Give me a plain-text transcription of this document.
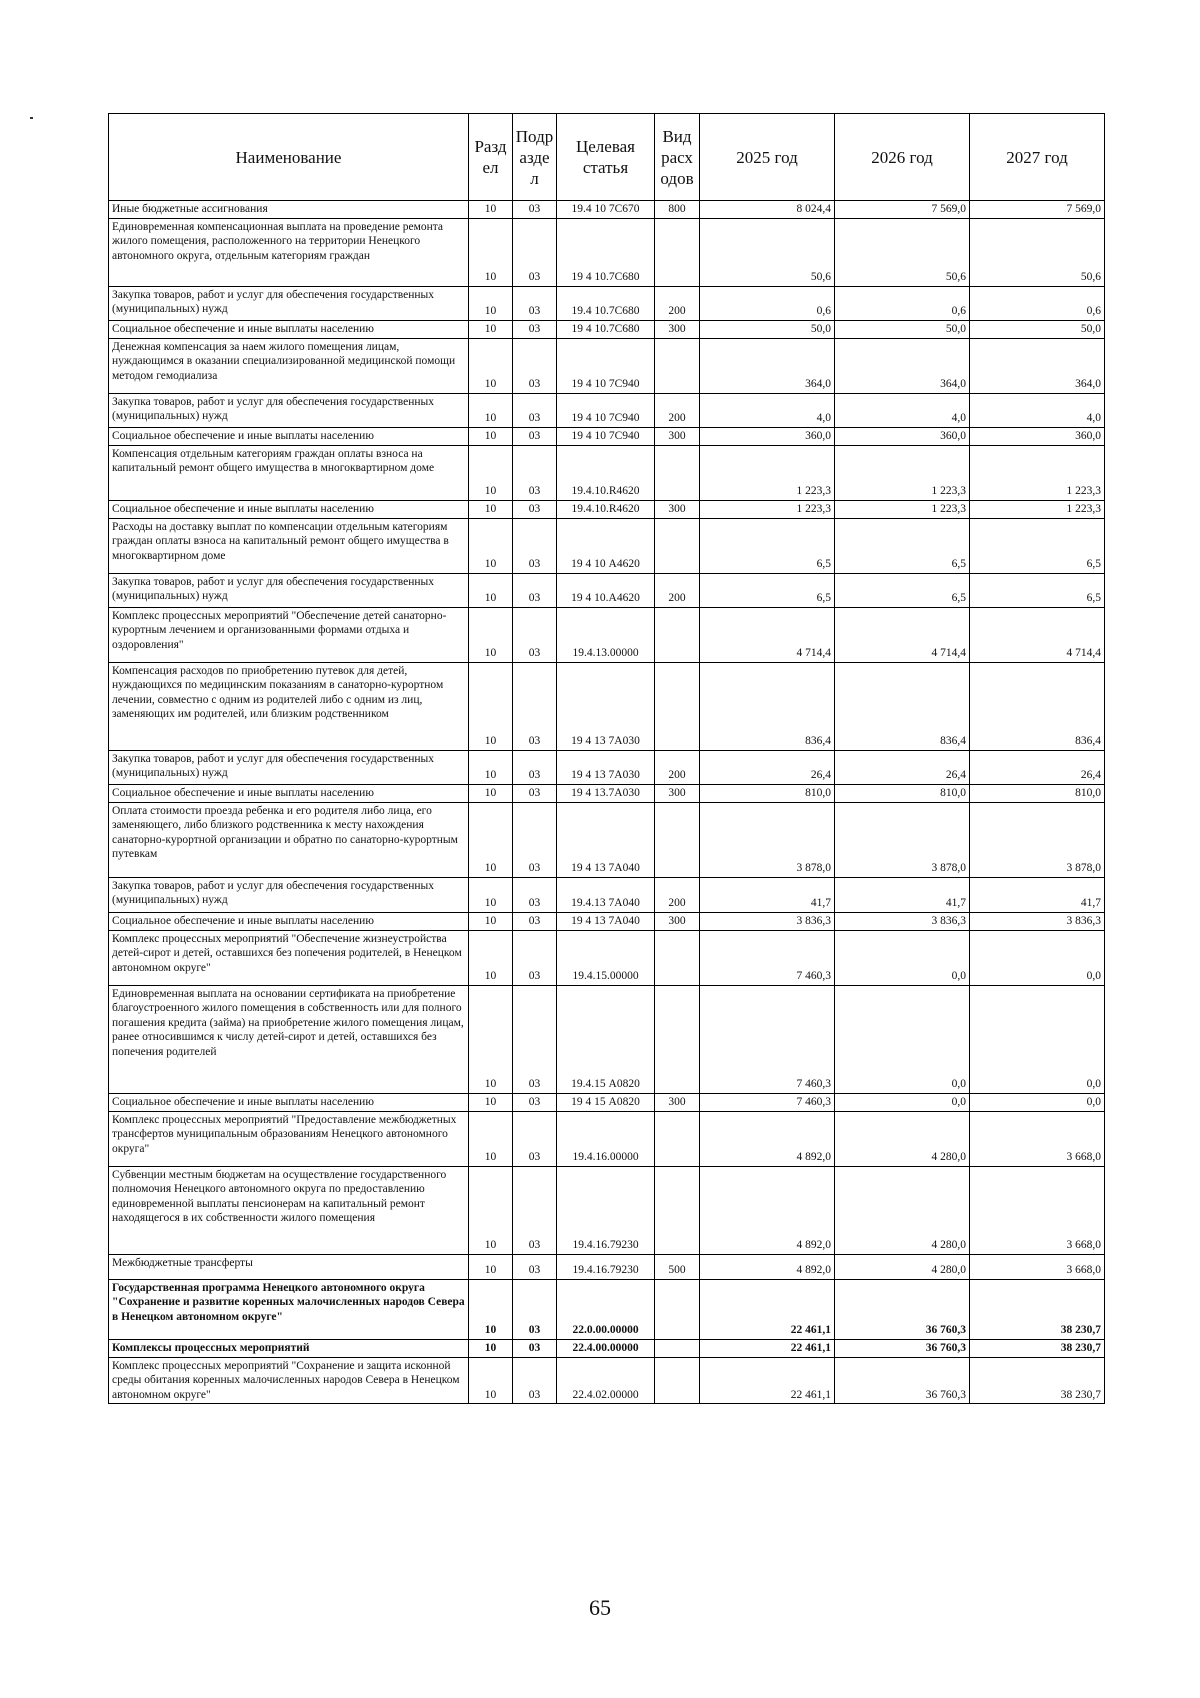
Наименование	Разд ел	Подр азде л	Целевая статья	Вид расх одов	2025 год	2026 год	2027 год
Иные бюджетные ассигнования	10	03	19.4 10 7С670	800	8 024,4	7 569,0	7 569,0
Единовременная компенсационная выплата на проведение ремонта жилого помещения, расположенного на территории Ненецкого автономного округа, отдельным категориям граждан	10	03	19 4 10.7С680		50,6	50,6	50,6
Закупка товаров, работ и услуг для обеспечения государственных (муниципальных) нужд	10	03	19.4 10.7С680	200	0,6	0,6	0,6
Социальное обеспечение и иные выплаты населению	10	03	19 4 10.7С680	300	50,0	50,0	50,0
Денежная компенсация за наем жилого помещения лицам, нуждающимся в оказании специализированной медицинской помощи методом гемодиализа	10	03	19 4 10 7С940		364,0	364,0	364,0
Закупка товаров, работ и услуг для обеспечения государственных (муниципальных) нужд	10	03	19 4 10 7С940	200	4,0	4,0	4,0
Социальное обеспечение и иные выплаты населению	10	03	19 4 10 7С940	300	360,0	360,0	360,0
Компенсация отдельным категориям граждан оплаты взноса на капитальный ремонт общего имущества в многоквартирном доме	10	03	19.4.10.R4620		1 223,3	1 223,3	1 223,3
Социальное обеспечение и иные выплаты населению	10	03	19.4.10.R4620	300	1 223,3	1 223,3	1 223,3
Расходы на доставку выплат по компенсации отдельным категориям граждан оплаты взноса на капитальный ремонт общего имущества в многоквартирном доме	10	03	19 4 10 А4620		6,5	6,5	6,5
Закупка товаров, работ и услуг для обеспечения государственных (муниципальных) нужд	10	03	19 4 10.А4620	200	6,5	6,5	6,5
Комплекс процессных мероприятий "Обеспечение детей санаторно-курортным лечением и организованными формами отдыха и оздоровления"	10	03	19.4.13.00000		4 714,4	4 714,4	4 714,4
Компенсация расходов по приобретению путевок для детей, нуждающихся по медицинским показаниям в санаторно-курортном лечении, совместно с одним из родителей либо с одним из лиц, заменяющих им родителей, или близким родственником	10	03	19 4 13 7А030		836,4	836,4	836,4
Закупка товаров, работ и услуг для обеспечения государственных (муниципальных) нужд	10	03	19 4 13 7А030	200	26,4	26,4	26,4
Социальное обеспечение и иные выплаты населению	10	03	19 4 13.7А030	300	810,0	810,0	810,0
Оплата стоимости проезда ребенка и его родителя либо лица, его заменяющего, либо близкого родственника к месту нахождения санаторно-курортной организации и обратно по санаторно-курортным путевкам	10	03	19 4 13 7А040		3 878,0	3 878,0	3 878,0
Закупка товаров, работ и услуг для обеспечения государственных (муниципальных) нужд	10	03	19.4.13 7А040	200	41,7	41,7	41,7
Социальное обеспечение и иные выплаты населению	10	03	19 4 13 7А040	300	3 836,3	3 836,3	3 836,3
Комплекс процессных мероприятий "Обеспечение жизнеустройства детей-сирот и детей, оставшихся без попечения родителей, в Ненецком автономном округе"	10	03	19.4.15.00000		7 460,3	0,0	0,0
Единовременная выплата на основании сертификата на приобретение благоустроенного жилого помещения в собственность или для полного погашения кредита (займа) на приобретение жилого помещения лицам, ранее относившимся к числу детей-сирот и детей, оставшихся без попечения родителей	10	03	19.4.15 А0820		7 460,3	0,0	0,0
Социальное обеспечение и иные выплаты населению	10	03	19 4 15 А0820	300	7 460,3	0,0	0,0
Комплекс процессных мероприятий "Предоставление межбюджетных трансфертов муниципальным образованиям Ненецкого автономного округа"	10	03	19.4.16.00000		4 892,0	4 280,0	3 668,0
Субвенции местным бюджетам на осуществление государственного полномочия Ненецкого автономного округа по предоставлению единовременной выплаты пенсионерам на капитальный ремонт находящегося в их собственности жилого помещения	10	03	19.4.16.79230		4 892,0	4 280,0	3 668,0
Межбюджетные трансферты	10	03	19.4.16.79230	500	4 892,0	4 280,0	3 668,0
Государственная программа Ненецкого автономного округа "Сохранение и развитие коренных малочисленных народов Севера в Ненецком автономном округе"	10	03	22.0.00.00000		22 461,1	36 760,3	38 230,7
Комплексы процессных мероприятий	10	03	22.4.00.00000		22 461,1	36 760,3	38 230,7
Комплекс процессных мероприятий "Сохранение и защита исконной среды обитания коренных малочисленных народов Севера в Ненецком автономном округе"	10	03	22.4.02.00000		22 461,1	36 760,3	38 230,7
65
